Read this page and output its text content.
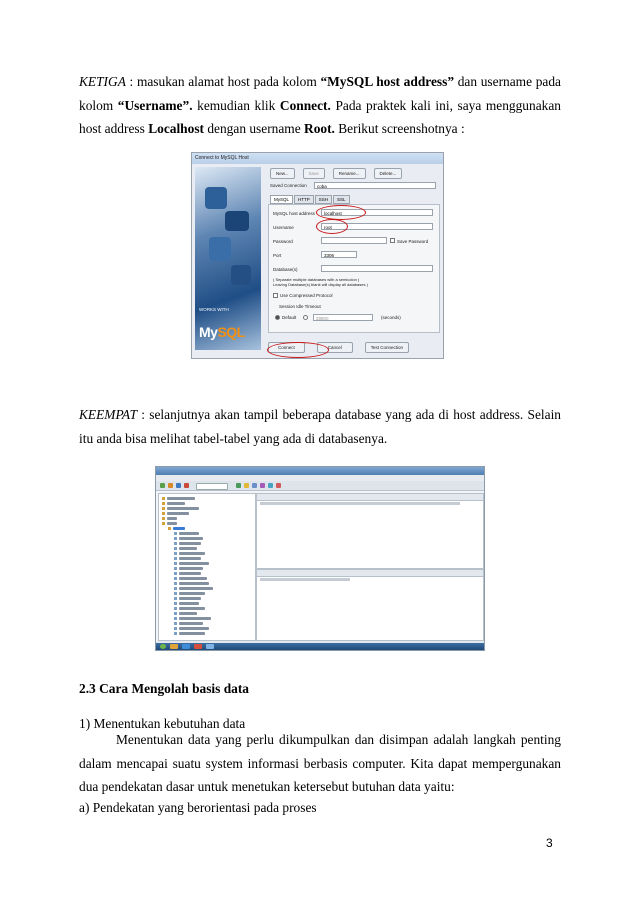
KETIGA : masukan alamat host pada kolom “MySQL host address” dan username pada kolom “Username”. kemudian klik Connect. Pada praktek kali ini, saya menggunakan host address Localhost dengan username Root. Berikut screenshotnya :

Connect to MySQL Host
WORKS WITH
MySQL
New...	Save	Rename...	Delete...
Saved Connection	coba
MySQL	HTTP	SSH	SSL
MySQL host address	localhost
Username	root
Password	Save Password
Port	3306
Database(s)
( Separate multiple databases with a semicolon )
Leaving Database(s) blank will display all databases )
Use Compressed Protocol
Session Idle Timeout
Default	28800	(seconds)
Connect	Cancel	Test Connection

KEEMPAT : selanjutnya akan tampil beberapa database yang ada di host address. Selain itu anda bisa melihat tabel-tabel yang ada di databasenya.

2.3 Cara Mengolah basis data

1) Menentukan kebutuhan data

Menentukan data yang perlu dikumpulkan dan disimpan adalah langkah penting dalam mencapai suatu system informasi berbasis computer. Kita dapat mempergunakan dua pendekatan dasar untuk menetukan ketersebut butuhan data yaitu:

a) Pendekatan yang berorientasi pada proses

3
